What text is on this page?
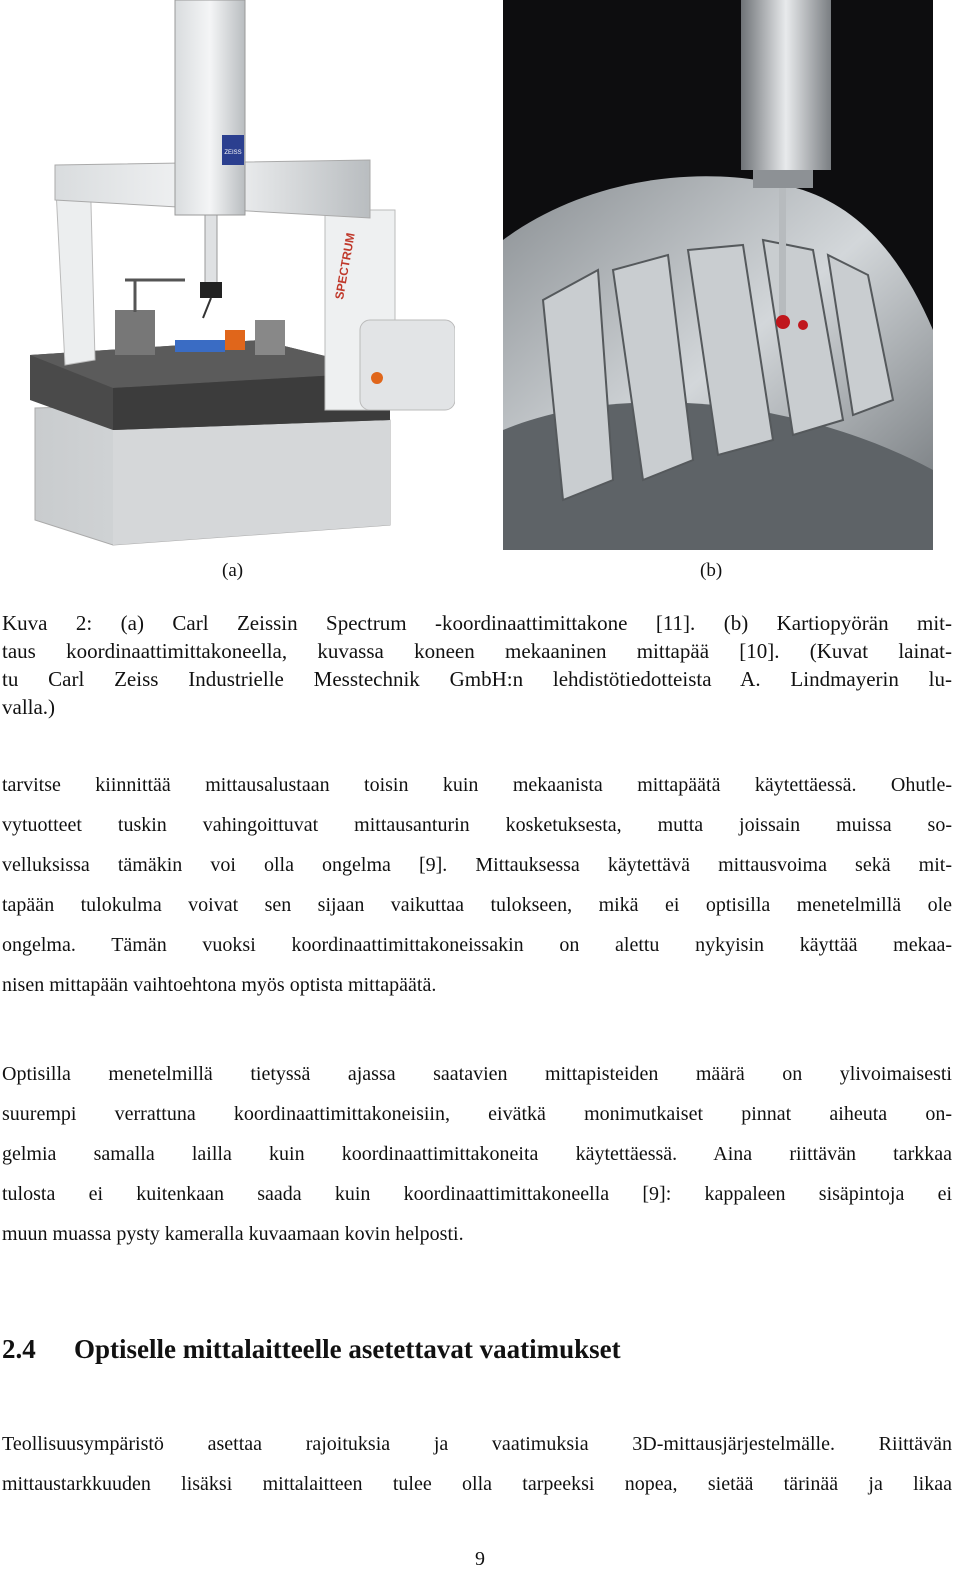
SPECTRUM
ZEISS
(a)	(b)
Kuva 2: (a) Carl Zeissin Spectrum -koordinaattimittakone [11]. (b) Kartiopyörän mit-
taus koordinaattimittakoneella, kuvassa koneen mekaaninen mittapää [10]. (Kuvat lainat-
tu Carl Zeiss Industrielle Messtechnik GmbH:n lehdistötiedotteista A. Lindmayerin lu-
valla.)
tarvitse kiinnittää mittausalustaan toisin kuin mekaanista mittapäätä käytettäessä. Ohutle-
vytuotteet tuskin vahingoittuvat mittausanturin kosketuksesta, mutta joissain muissa so-
velluksissa tämäkin voi olla ongelma [9]. Mittauksessa käytettävä mittausvoima sekä mit-
tapään tulokulma voivat sen sijaan vaikuttaa tulokseen, mikä ei optisilla menetelmillä ole
ongelma. Tämän vuoksi koordinaattimittakoneissakin on alettu nykyisin käyttää mekaa-
nisen mittapään vaihtoehtona myös optista mittapäätä.
Optisilla menetelmillä tietyssä ajassa saatavien mittapisteiden määrä on ylivoimaisesti
suurempi verrattuna koordinaattimittakoneisiin, eivätkä monimutkaiset pinnat aiheuta on-
gelmia samalla lailla kuin koordinaattimittakoneita käytettäessä. Aina riittävän tarkkaa
tulosta ei kuitenkaan saada kuin koordinaattimittakoneella [9]: kappaleen sisäpintoja ei
muun muassa pysty kameralla kuvaamaan kovin helposti.
2.4 Optiselle mittalaitteelle asetettavat vaatimukset
Teollisuusympäristö asettaa rajoituksia ja vaatimuksia 3D-mittausjärjestelmälle. Riittävän
mittaustarkkuuden lisäksi mittalaitteen tulee olla tarpeeksi nopea, sietää tärinää ja likaa
9
